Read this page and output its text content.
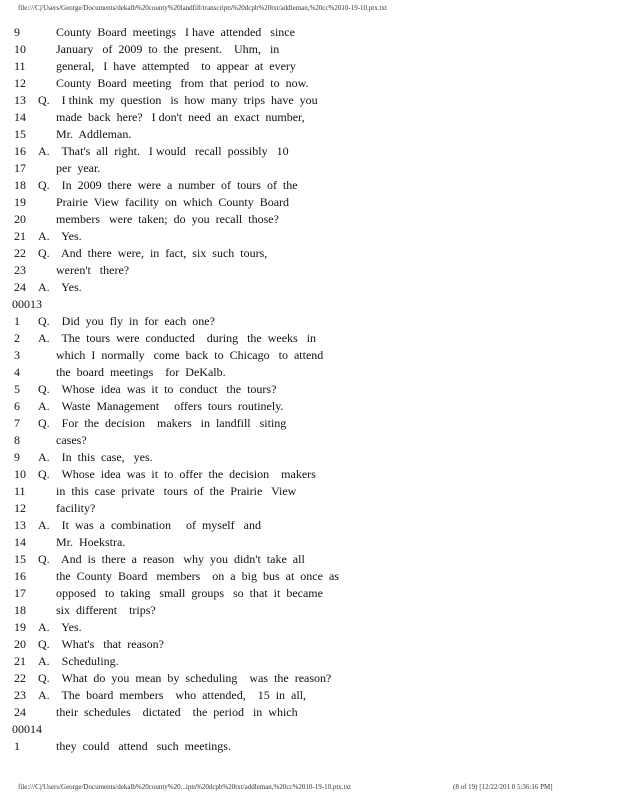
file:///C|/Users/George/Documents/dekalb%20county%20landfill/transcripts%20dcpb%20txt/addleman,%20cc%2010-19-10.ptx.txt
9	County  Board  meetings   I have  attended   since
10	January   of  2009  to  the  present.    Uhm,   in
11	general,   I  have  attempted    to  appear  at  every
12	County  Board  meeting   from  that  period  to  now.
13	Q.    I think  my  question   is  how  many  trips  have  you
14	made  back  here?   I don't  need  an  exact  number,
15	Mr.  Addleman.
16	A.    That's  all  right.   I would   recall  possibly   10
17	per  year.
18	Q.    In  2009  there  were  a  number  of  tours  of  the
19	Prairie  View  facility  on  which  County  Board
20	members   were  taken;  do  you  recall  those?
21	A.    Yes.
22	Q.    And  there  were,  in  fact,  six  such  tours,
23	weren't   there?
24	A.    Yes.
00013
1	Q.    Did  you  fly  in  for  each  one?
2	A.    The  tours  were  conducted    during   the  weeks   in
3	which  I  normally   come  back  to  Chicago   to  attend
4	the  board  meetings    for  DeKalb.
5	Q.    Whose  idea  was  it  to  conduct   the  tours?
6	A.    Waste  Management     offers  tours  routinely.
7	Q.    For  the  decision    makers   in  landfill   siting
8	cases?
9	A.    In  this  case,   yes.
10	Q.    Whose  idea  was  it  to  offer  the  decision    makers
11	in  this  case  private   tours  of  the  Prairie   View
12	facility?
13	A.    It  was  a  combination     of  myself   and
14	Mr.  Hoekstra.
15	Q.    And  is  there  a  reason   why  you  didn't  take  all
16	the  County  Board   members    on  a  big  bus  at  once  as
17	opposed   to  taking   small  groups   so  that  it  became
18	six  different    trips?
19	A.    Yes.
20	Q.    What's   that  reason?
21	A.    Scheduling.
22	Q.    What  do  you  mean  by  scheduling    was  the  reason?
23	A.    The  board  members    who  attended,    15  in  all,
24	their  schedules    dictated    the  period   in  which
00014
1	they  could   attend   such  meetings.
file:///C|/Users/George/Documents/dekalb%20county%20...ipts%20dcpb%20txt/addleman,%20cc%2010-19-10.ptx.txt	(8 of 19) [12/22/201 0 5:36:16 PM]
